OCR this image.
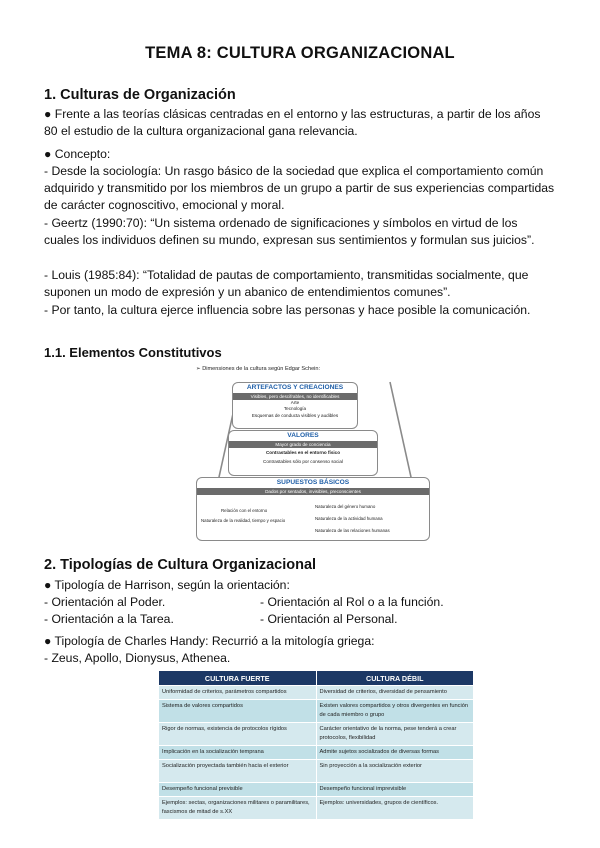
TEMA 8: CULTURA ORGANIZACIONAL
1. Culturas de Organización

● Frente a las teorías clásicas centradas en el entorno y las estructuras, a partir de los años 80 el estudio de la cultura organizacional gana relevancia.

● Concepto:

- Desde la sociología: Un rasgo básico de la sociedad que explica el comportamiento común adquirido y transmitido por los miembros de un grupo a partir de sus experiencias compartidas de carácter cognoscitivo, emocional y moral.

- Geertz (1990:70): “Un sistema ordenado de significaciones y símbolos en virtud de los cuales los individuos definen su mundo, expresan sus sentimientos y formulan sus juicios”.

- Louis (1985:84): “Totalidad de pautas de comportamiento, transmitidas socialmente, que suponen un modo de expresión y un abanico de entendimientos comunes”.

- Por tanto, la cultura ejerce influencia sobre las personas y hace posible la comunicación.

1.1. Elementos Constitutivos
➢ Dimensiones de la cultura según Edgar Schein:
ARTEFACTOS Y CREACIONES
Visibles, pero descifrables, no identificables
Arte
Tecnología
Esquemas de conducta visibles y audibles
VALORES
Mayor grado de conciencia
Contrastables en el entorno físico
Contrastables sólo por consenso social
SUPUESTOS BÁSICOS
Dados por sentados, invisibles, preconscientes
Relación con el entorno
Naturaleza de la realidad, tiempo y espacio
Naturaleza del género humano
Naturaleza de la actividad humana
Naturaleza de las relaciones humanas
2. Tipologías de Cultura Organizacional
● Tipología de Harrison, según la orientación:
- Orientación al Poder.	- Orientación al Rol o a la función.
- Orientación a la Tarea.	- Orientación al Personal.
● Tipología de Charles Handy: Recurrió a la mitología griega:
- Zeus, Apollo, Dionysus, Athenea.
CULTURA FUERTE	CULTURA DÉBIL
Uniformidad de criterios, parámetros compartidos	Diversidad de criterios, diversidad de pensamiento
Sistema de valores compartidos	Existen valores compartidos y otros divergentes en función de cada miembro o grupo
Rigor de normas, existencia de protocolos rígidos	Carácter orientativo de la norma, pese tenderá a crear protocolos, flexibilidad
Implicación en la socialización temprana	Admite sujetos socializados de diversas formas
Socialización proyectada también hacia el exterior	Sin proyección a la socialización exterior
Desempeño funcional previsible	Desempeño funcional imprevisible
Ejemplos: sectas, organizaciones militares o paramilitares, fascismos de mitad de s.XX	Ejemplos: universidades, grupos de científicos.
